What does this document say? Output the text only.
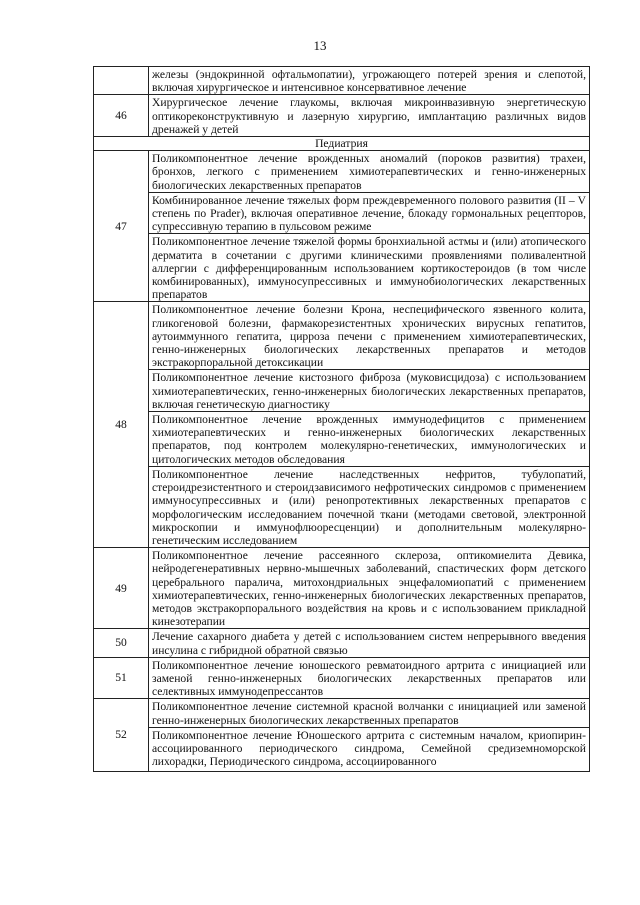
13
	железы (эндокринной офтальмопатии), угрожающего потерей зрения и слепотой, включая хирургическое и интенсивное консервативное лечение
46	Хирургическое лечение глаукомы, включая микроинвазивную энергетическую оптикореконструктивную и лазерную хирургию, имплантацию различных видов дренажей у детей
Педиатрия	
47	Поликомпонентное лечение врожденных аномалий (пороков развития) трахеи, бронхов, легкого с применением химиотерапевтических и генно-инженерных биологических лекарственных препаратов
	Комбинированное лечение тяжелых форм преждевременного полового развития (II – V степень по Prader), включая оперативное лечение, блокаду гормональных рецепторов, супрессивную терапию в пульсовом режиме
	Поликомпонентное лечение тяжелой формы бронхиальной астмы и (или) атопического дерматита в сочетании с другими клиническими проявлениями поливалентной аллергии с дифференцированным использованием кортикостероидов (в том числе комбинированных), иммуносупрессивных и иммунобиологических лекарственных препаратов
48	Поликомпонентное лечение болезни Крона, неспецифического язвенного колита, гликогеновой болезни, фармакорезистентных хронических вирусных гепатитов, аутоиммунного гепатита, цирроза печени с применением химиотерапевтических, генно-инженерных биологических лекарственных препаратов и методов экстракорпоральной детоксикации
	Поликомпонентное лечение кистозного фиброза (муковисцидоза) с использованием химиотерапевтических, генно-инженерных биологических лекарственных препаратов, включая генетическую диагностику
	Поликомпонентное лечение врожденных иммунодефицитов с применением химиотерапевтических и генно-инженерных биологических лекарственных препаратов, под контролем молекулярно-генетических, иммунологических и цитологических методов обследования
	Поликомпонентное лечение наследственных нефритов, тубулопатий, стероидрезистентного и стероидзависимого нефротических синдромов с применением иммуносупрессивных и (или) ренопротективных лекарственных препаратов с морфологическим исследованием почечной ткани (методами световой, электронной микроскопии и иммунофлюоресценции) и дополнительным молекулярно-генетическим исследованием
49	Поликомпонентное лечение рассеянного склероза, оптикомиелита Девика, нейродегенеративных нервно-мышечных заболеваний, спастических форм детского церебрального паралича, митохондриальных энцефаломиопатий с применением химиотерапевтических, генно-инженерных биологических лекарственных препаратов, методов экстракорпорального воздействия на кровь и с использованием прикладной кинезотерапии
50	Лечение сахарного диабета у детей с использованием систем непрерывного введения инсулина с гибридной обратной связью
51	Поликомпонентное лечение юношеского ревматоидного артрита с инициацией или заменой генно-инженерных биологических лекарственных препаратов или селективных иммунодепрессантов
52	Поликомпонентное лечение системной красной волчанки с инициацией или заменой генно-инженерных биологических лекарственных препаратов
	Поликомпонентное лечение Юношеского артрита с системным началом, криопирин-ассоциированного периодического синдрома, Семейной средиземноморской лихорадки, Периодического синдрома, ассоциированного
